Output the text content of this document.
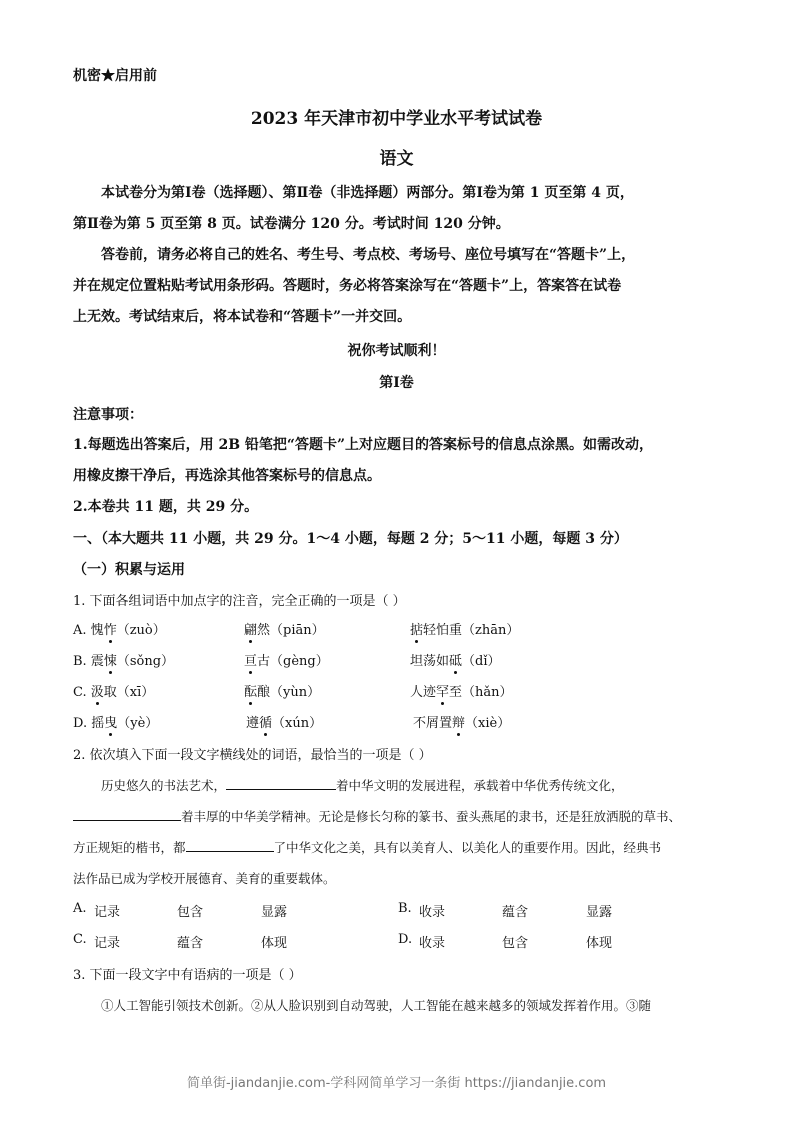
机密★启用前
2023 年天津市初中学业水平考试试卷
语文
本试卷分为第Ⅰ卷（选择题）、第Ⅱ卷（非选择题）两部分。第Ⅰ卷为第 1 页至第 4 页，
第Ⅱ卷为第 5 页至第 8 页。试卷满分 120 分。考试时间 120 分钟。
答卷前，请务必将自己的姓名、考生号、考点校、考场号、座位号填写在“答题卡”上，
并在规定位置粘贴考试用条形码。答题时，务必将答案涂写在“答题卡”上，答案答在试卷
上无效。考试结束后，将本试卷和“答题卡”一并交回。
祝你考试顺利！
第Ⅰ卷
注意事项：
1.每题选出答案后，用 2B 铅笔把“答题卡”上对应题目的答案标号的信息点涂黑。如需改动，
用橡皮擦干净后，再选涂其他答案标号的信息点。
2.本卷共 11 题，共 29 分。
一、（本大题共 11 小题，共 29 分。1～4 小题，每题 2 分；5～11 小题，每题 3 分）
（一）积累与运用
1. 下面各组词语中加点字的注音，完全正确的一项是（ ）
A. 愧怍（zuò）	翩然（piān）	掂轻怕重（zhān）
B. 震悚（sǒng）	亘古（gèng）	坦荡如砥（dǐ）
C. 汲取（xī）	酝酿（yùn）	人迹罕至（hǎn）
D. 摇曳（yè）	遵循（xún）	不屑置辩（xiè）
2. 依次填入下面一段文字横线处的词语，最恰当的一项是（ ）
历史悠久的书法艺术，	着中华文明的发展进程，承载着中华优秀传统文化，
着丰厚的中华美学精神。无论是修长匀称的篆书、蚕头燕尾的隶书，还是狂放洒脱的草书、
方正规矩的楷书，都	了中华文化之美，具有以美育人、以美化人的重要作用。因此，经典书
法作品已成为学校开展德育、美育的重要载体。
A. 记录	包含	显露	B. 收录	蕴含	显露
C. 记录	蕴含	体现	D. 收录	包含	体现
3. 下面一段文字中有语病的一项是（ ）
①人工智能引领技术创新。②从人脸识别到自动驾驶，人工智能在越来越多的领域发挥着作用。③随
简单街-jiandanjie.com-学科网简单学习一条街 https://jiandanjie.com
